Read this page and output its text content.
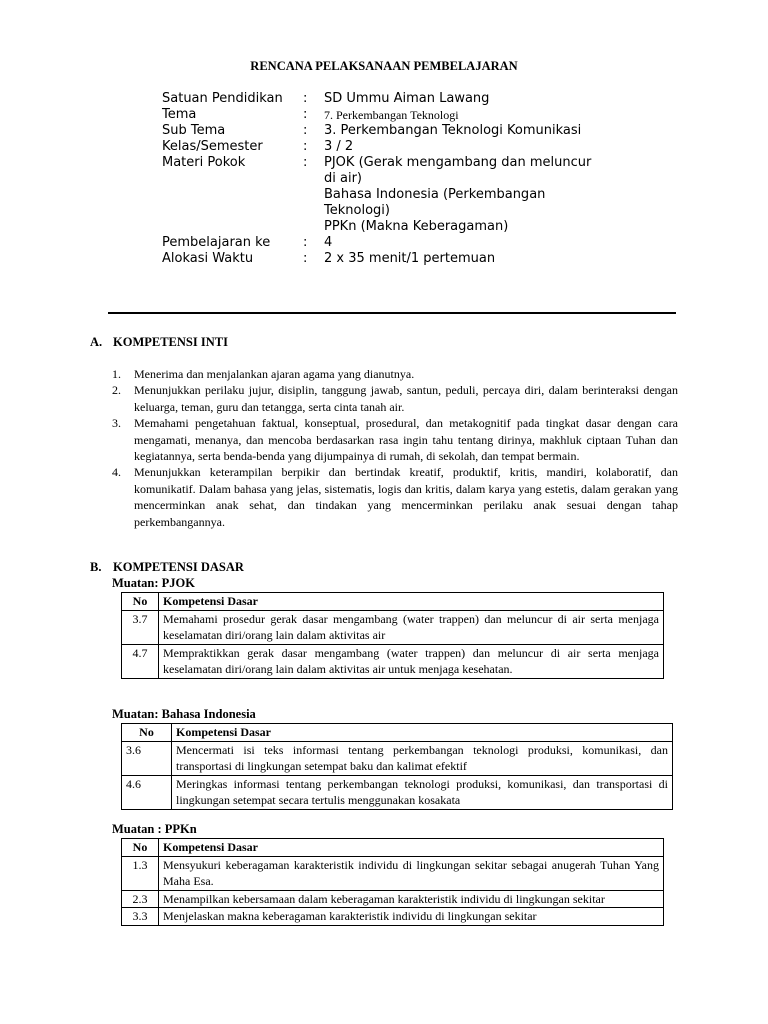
RENCANA PELAKSANAAN PEMBELAJARAN
Satuan Pendidikan	:	SD Ummu Aiman Lawang
Tema	:	7. Perkembangan Teknologi
Sub Tema	:	3. Perkembangan Teknologi Komunikasi
Kelas/Semester	:	3 / 2
Materi Pokok	:	PJOK (Gerak mengambang dan meluncur di air)
Bahasa Indonesia (Perkembangan Teknologi)
PPKn (Makna Keberagaman)

Pembelajaran ke	:	4
Alokasi Waktu	:	2 x 35 menit/1 pertemuan
A. KOMPETENSI INTI
1. Menerima dan menjalankan ajaran agama yang dianutnya.
2. Menunjukkan perilaku jujur, disiplin, tanggung jawab, santun, peduli, percaya diri, dalam berinteraksi dengan keluarga, teman, guru dan tetangga, serta cinta tanah air.
3. Memahami pengetahuan faktual, konseptual, prosedural, dan metakognitif pada tingkat dasar dengan cara mengamati, menanya, dan mencoba berdasarkan rasa ingin tahu tentang dirinya, makhluk ciptaan Tuhan dan kegiatannya, serta benda-benda yang dijumpainya di rumah, di sekolah, dan tempat bermain.
4. Menunjukkan keterampilan berpikir dan bertindak kreatif, produktif, kritis, mandiri, kolaboratif, dan komunikatif. Dalam bahasa yang jelas, sistematis, logis dan kritis, dalam karya yang estetis, dalam gerakan yang mencerminkan anak sehat, dan tindakan yang mencerminkan perilaku anak sesuai dengan tahap perkembangannya.
B. KOMPETENSI DASAR
Muatan: PJOK
No	Kompetensi Dasar
3.7	Memahami prosedur gerak dasar mengambang (water trappen) dan meluncur di air serta menjaga keselamatan diri/orang lain dalam aktivitas air
4.7	Mempraktikkan gerak dasar mengambang (water trappen) dan meluncur di air serta menjaga keselamatan diri/orang lain dalam aktivitas air untuk menjaga kesehatan.
Muatan: Bahasa Indonesia
No	Kompetensi Dasar
3.6	Mencermati isi teks informasi tentang perkembangan teknologi produksi, komunikasi, dan transportasi di lingkungan setempat baku dan kalimat efektif
4.6	Meringkas informasi tentang perkembangan teknologi produksi, komunikasi, dan transportasi di lingkungan setempat secara tertulis menggunakan kosakata
Muatan : PPKn
No	Kompetensi Dasar
1.3	Mensyukuri keberagaman karakteristik individu di lingkungan sekitar sebagai anugerah Tuhan Yang Maha Esa.
2.3	Menampilkan kebersamaan dalam keberagaman karakteristik individu di lingkungan sekitar
3.3	Menjelaskan makna keberagaman karakteristik individu di lingkungan sekitar
